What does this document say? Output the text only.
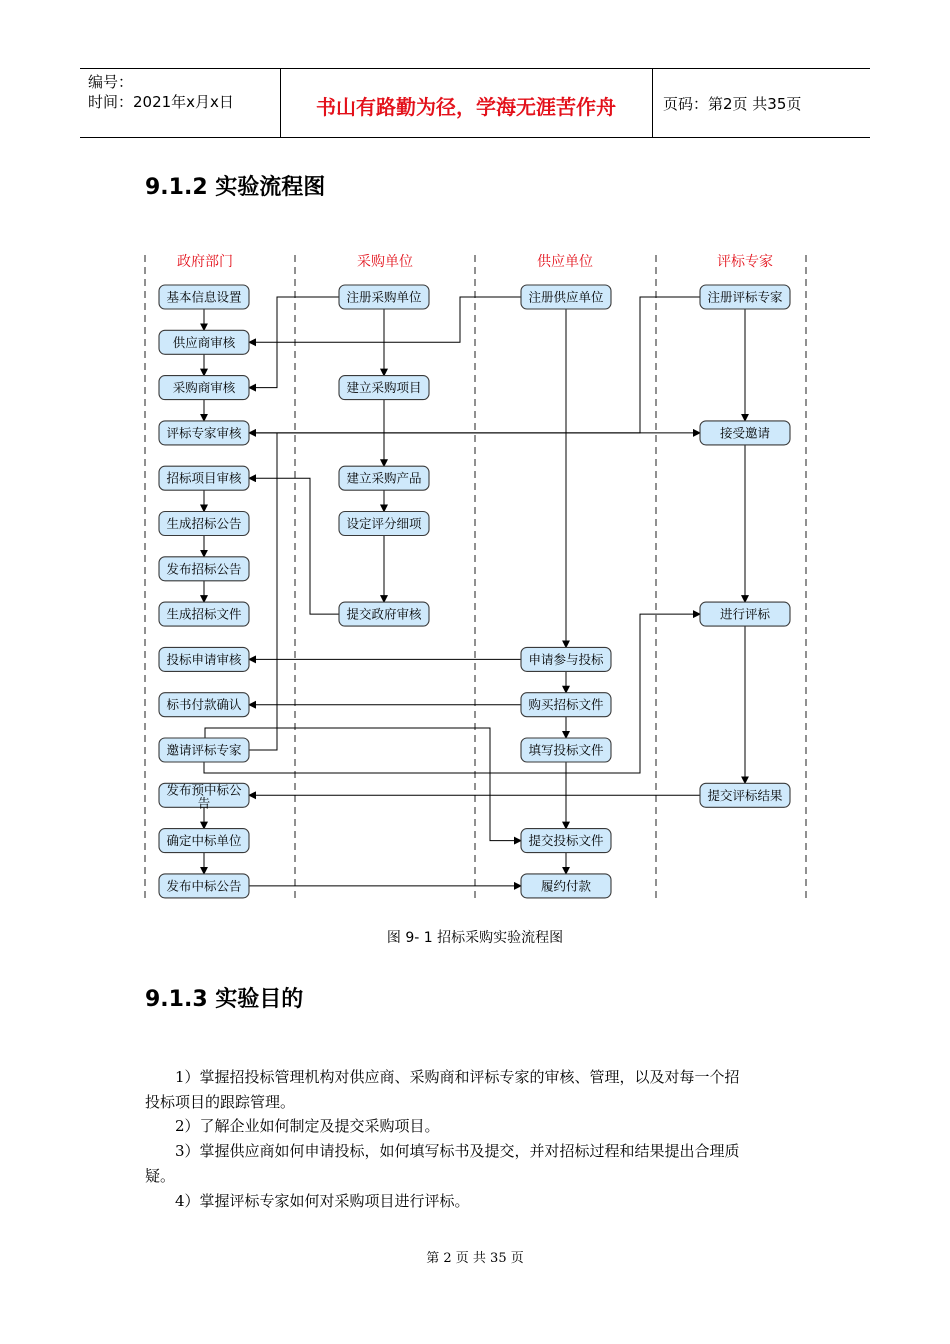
编号：
时间：2021年x月x日	书山有路勤为径，学海无涯苦作舟	页码：第2页 共35页
9.1.2 实验流程图
政府部门	采购单位	供应单位	评标专家
基本信息设置
供应商审核
采购商审核
评标专家审核
招标项目审核
生成招标公告
发布招标公告
生成招标文件
投标申请审核
标书付款确认
邀请评标专家
发布预中标公
告
确定中标单位
发布中标公告
注册采购单位
建立采购项目
建立采购产品
设定评分细项
提交政府审核
注册供应单位
申请参与投标
购买招标文件
填写投标文件
提交投标文件
履约付款
注册评标专家
接受邀请
进行评标
提交评标结果
图 9- 1 招标采购实验流程图
9.1.3 实验目的
1）掌握招投标管理机构对供应商、采购商和评标专家的审核、管理，以及对每一个招
投标项目的跟踪管理。
2）了解企业如何制定及提交采购项目。
3）掌握供应商如何申请投标，如何填写标书及提交，并对招标过程和结果提出合理质
疑。
4）掌握评标专家如何对采购项目进行评标。
第 2 页 共 35 页
